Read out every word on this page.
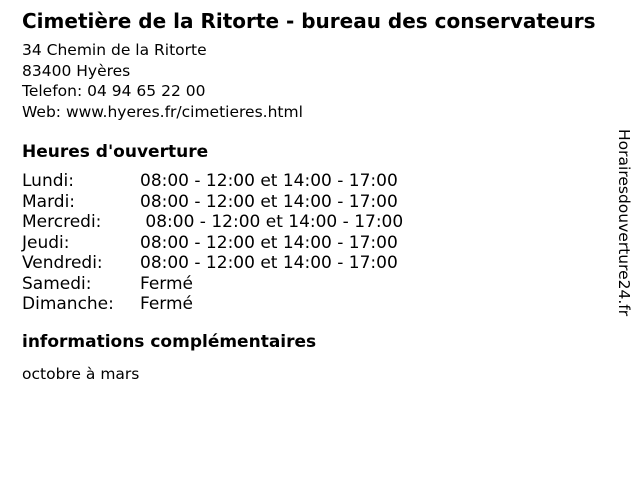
Cimetière de la Ritorte - bureau des conservateurs
34 Chemin de la Ritorte
83400 Hyères
Telefon: 04 94 65 22 00
Web: www.hyeres.fr/cimetieres.html
Heures d'ouverture
Lundi:	08:00 - 12:00 et 14:00 - 17:00
Mardi:	08:00 - 12:00 et 14:00 - 17:00
Mercredi:	08:00 - 12:00 et 14:00 - 17:00
Jeudi:	08:00 - 12:00 et 14:00 - 17:00
Vendredi:	08:00 - 12:00 et 14:00 - 17:00
Samedi:	Fermé
Dimanche:	Fermé
informations complémentaires
octobre à mars
Horairesdouverture24.fr
